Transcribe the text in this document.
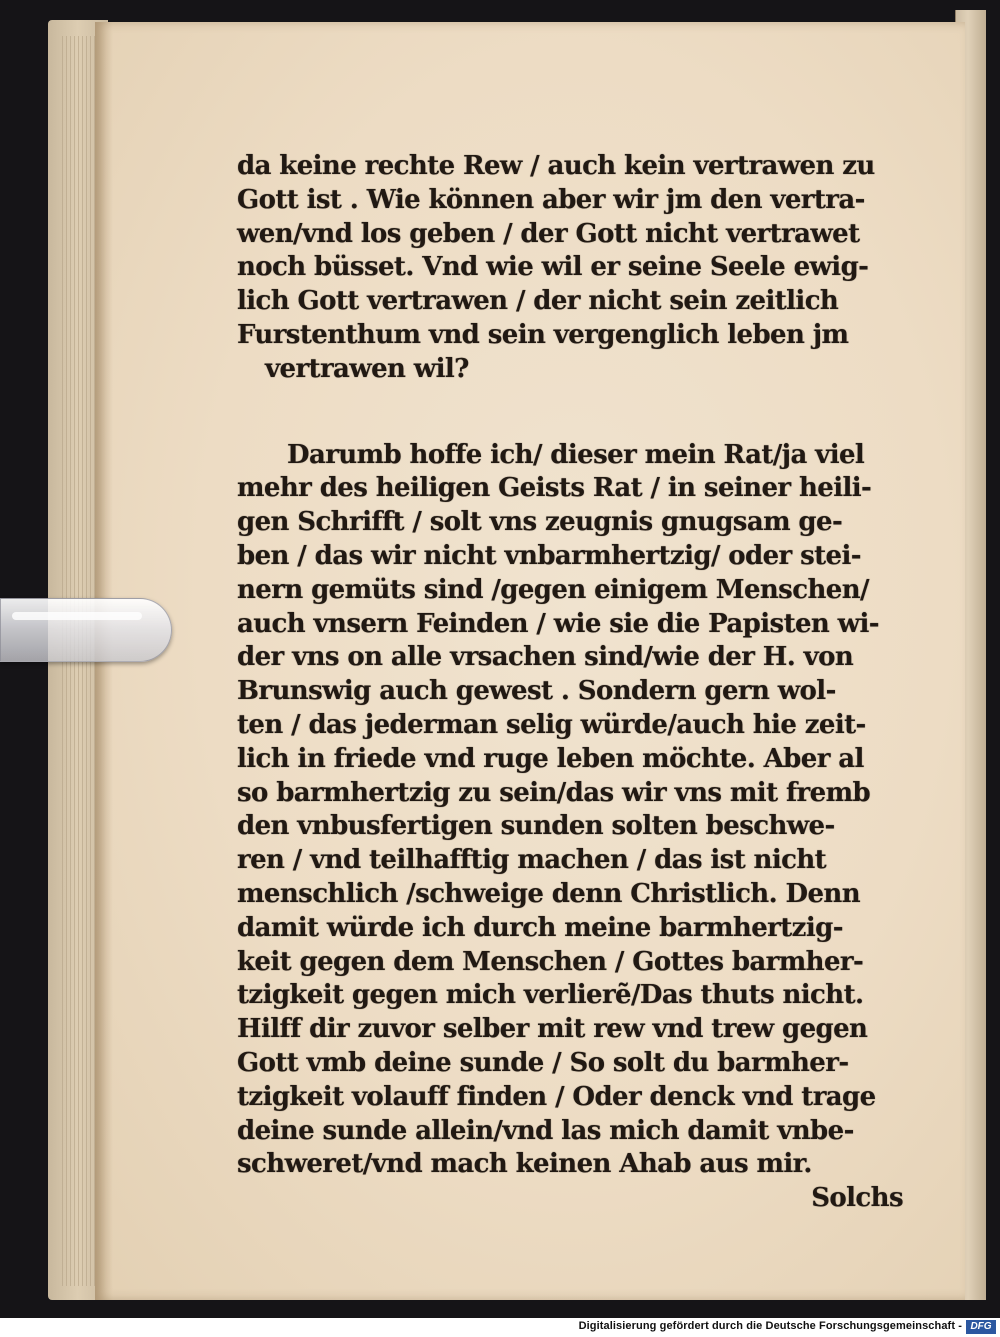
da keine rechte Rew / auch kein vertrawen zu
Gott ist . Wie können aber wir jm den vertra-
wen/vnd los geben / der Gott nicht vertrawet
noch büsset. Vnd wie wil er seine Seele ewig-
lich Gott vertrawen / der nicht sein zeitlich
Furstenthum vnd sein vergenglich leben jm
vertrawen wil?
Darumb hoffe ich/ dieser mein Rat/ja viel
mehr des heiligen Geists Rat / in seiner heili-
gen Schrifft / solt vns zeugnis gnugsam ge-
ben / das wir nicht vnbarmhertzig/ oder stei-
nern gemüts sind /gegen einigem Menschen/
auch vnsern Feinden / wie sie die Papisten wi-
der vns on alle vrsachen sind/wie der H. von
Brunswig auch gewest . Sondern gern wol-
ten / das jederman selig würde/auch hie zeit-
lich in friede vnd ruge leben möchte. Aber al
so barmhertzig zu sein/das wir vns mit fremb
den vnbusfertigen sunden solten beschwe-
ren / vnd teilhafftig machen / das ist nicht
menschlich /schweige denn Christlich. Denn
damit würde ich durch meine barmhertzig-
keit gegen dem Menschen / Gottes barmher-
tzigkeit gegen mich verlierẽ/Das thuts nicht.
Hilff dir zuvor selber mit rew vnd trew gegen
Gott vmb deine sunde / So solt du barmher-
tzigkeit volauff finden / Oder denck vnd trage
deine sunde allein/vnd las mich damit vnbe-
schweret/vnd mach keinen Ahab aus mir.
Solchs
Digitalisierung gefördert durch die Deutsche Forschungsgemeinschaft - DFG
